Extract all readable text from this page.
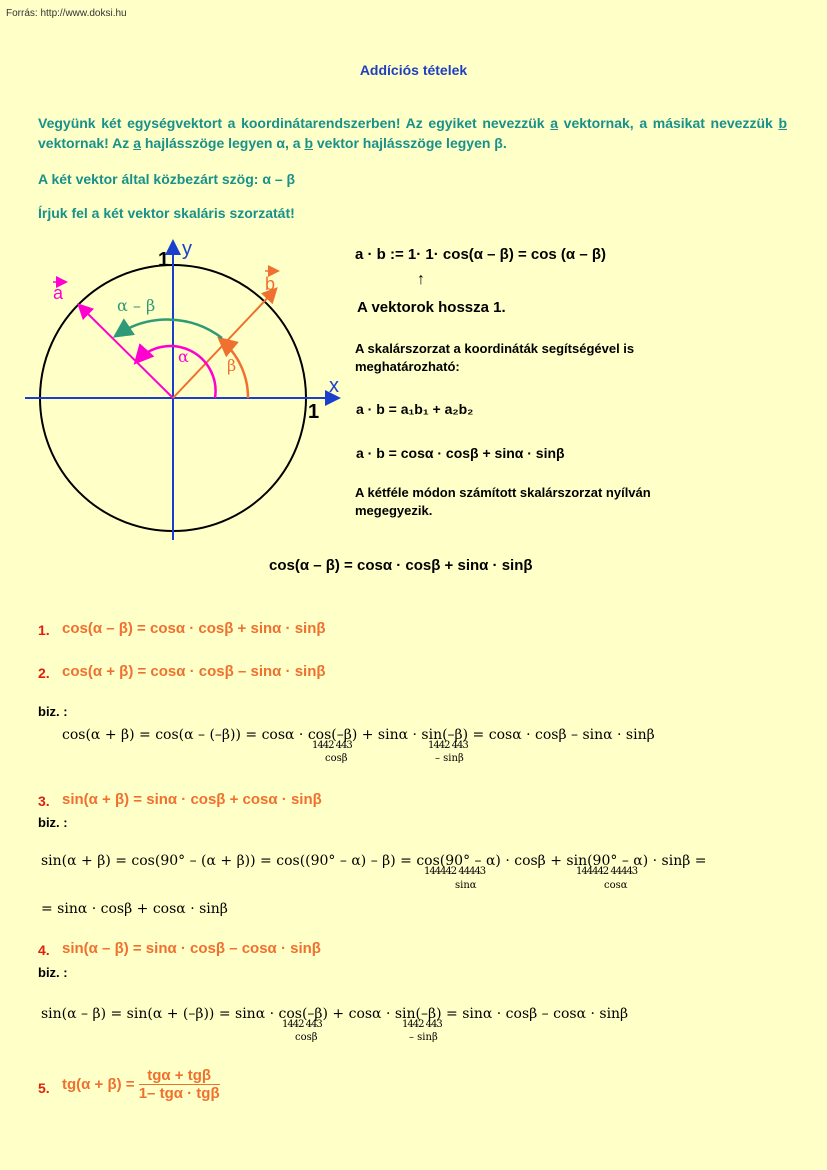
Forrás: http://www.doksi.hu
Addíciós tételek
Vegyünk két egységvektort a koordinátarendszerben! Az egyiket nevezzük a vektornak, a másikat nevezzük b vektornak! Az a hajlásszöge legyen α, a b vektor hajlásszöge legyen β.
A két vektor által közbezárt szög: α – β
Írjuk fel a két vektor skaláris szorzatát!
1 y
x
1
a	b
β
α
α – β
a · b := 1· 1· cos(α – β) = cos (α – β)
↑
A vektorok hossza 1.
A skalárszorzat a koordináták segítségével is meghatározható:
a · b = a₁b₁ + a₂b₂
a · b = cosα · cosβ + sinα · sinβ
A kétféle módon számított skalárszorzat nyílván megegyezik.
cos(α – β) = cosα · cosβ + sinα · sinβ
1. cos(α – β) = cosα · cosβ + sinα · sinβ
2. cos(α + β) = cosα · cosβ – sinα · sinβ
biz. :
cos(α + β) = cos(α – (–β)) = cosα · cos(–β) + sinα · sin(–β) = cosα · cosβ – sinα · sinβ
1442 443
cosβ
1442 443
– sinβ
3. sin(α + β) = sinα · cosβ + cosα · sinβ
biz. :
sin(α + β) = cos(90° – (α + β)) = cos((90° – α) – β) = cos(90° – α) · cosβ + sin(90° – α) · sinβ =
144442 44443
sinα
144442 44443
cosα
= sinα · cosβ + cosα · sinβ
4. sin(α – β) = sinα · cosβ – cosα · sinβ
biz. :
sin(α – β) = sin(α + (–β)) = sinα · cos(–β) + cosα · sin(–β) = sinα · cosβ – cosα · sinβ
1442 443
cosβ
1442 443
– sinβ
5. $tg(\alpha + \beta) = \frac{\text{tgα + tgβ}}{\text{1– tgα · tgβ}}$
